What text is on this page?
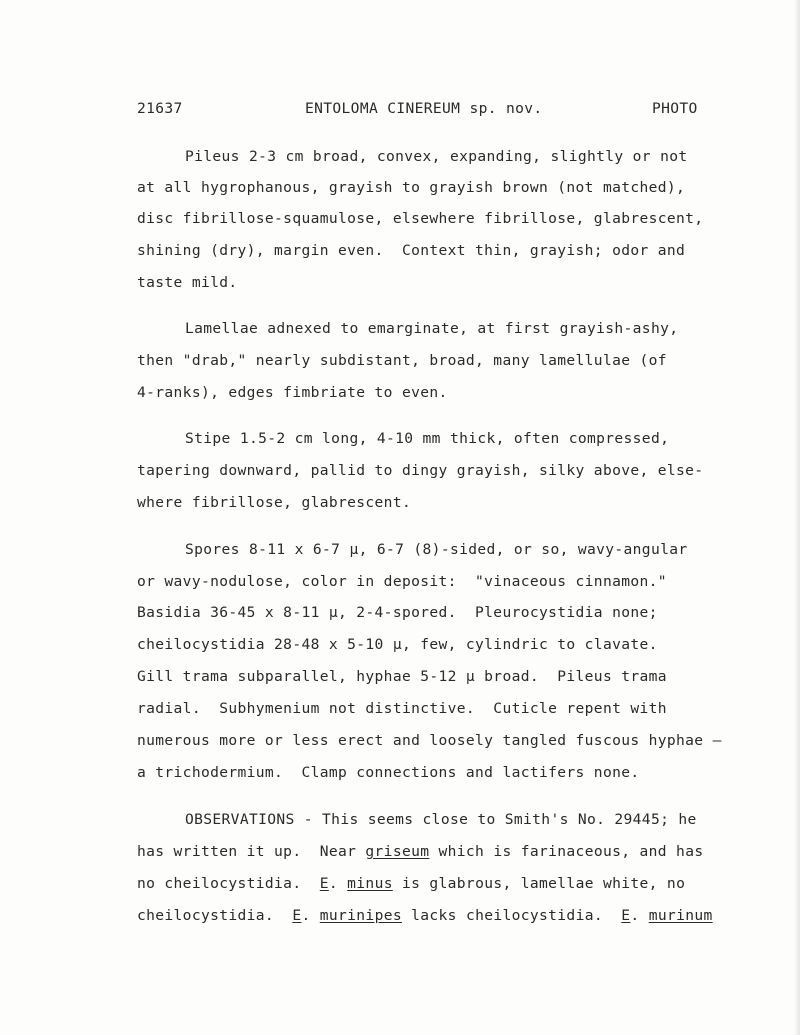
21637	ENTOLOMA CINEREUM sp. nov.	PHOTO
Pileus 2-3 cm broad, convex, expanding, slightly or not
at all hygrophanous, grayish to grayish brown (not matched),
disc fibrillose-squamulose, elsewhere fibrillose, glabrescent,
shining (dry), margin even.  Context thin, grayish; odor and
taste mild.
Lamellae adnexed to emarginate, at first grayish-ashy,
then "drab," nearly subdistant, broad, many lamellulae (of
4-ranks), edges fimbriate to even.
Stipe 1.5-2 cm long, 4-10 mm thick, often compressed,
tapering downward, pallid to dingy grayish, silky above, else-
where fibrillose, glabrescent.
Spores 8-11 x 6-7 µ, 6-7 (8)-sided, or so, wavy-angular
or wavy-nodulose, color in deposit:  "vinaceous cinnamon."
Basidia 36-45 x 8-11 µ, 2-4-spored.  Pleurocystidia none;
cheilocystidia 28-48 x 5-10 µ, few, cylindric to clavate.
Gill trama subparallel, hyphae 5-12 µ broad.  Pileus trama
radial.  Subhymenium not distinctive.  Cuticle repent with
numerous more or less erect and loosely tangled fuscous hyphae —
a trichodermium.  Clamp connections and lactifers none.
OBSERVATIONS - This seems close to Smith's No. 29445; he
has written it up.  Near griseum which is farinaceous, and has
no cheilocystidia.  E. minus is glabrous, lamellae white, no
cheilocystidia.  E. murinipes lacks cheilocystidia.  E. murinum
